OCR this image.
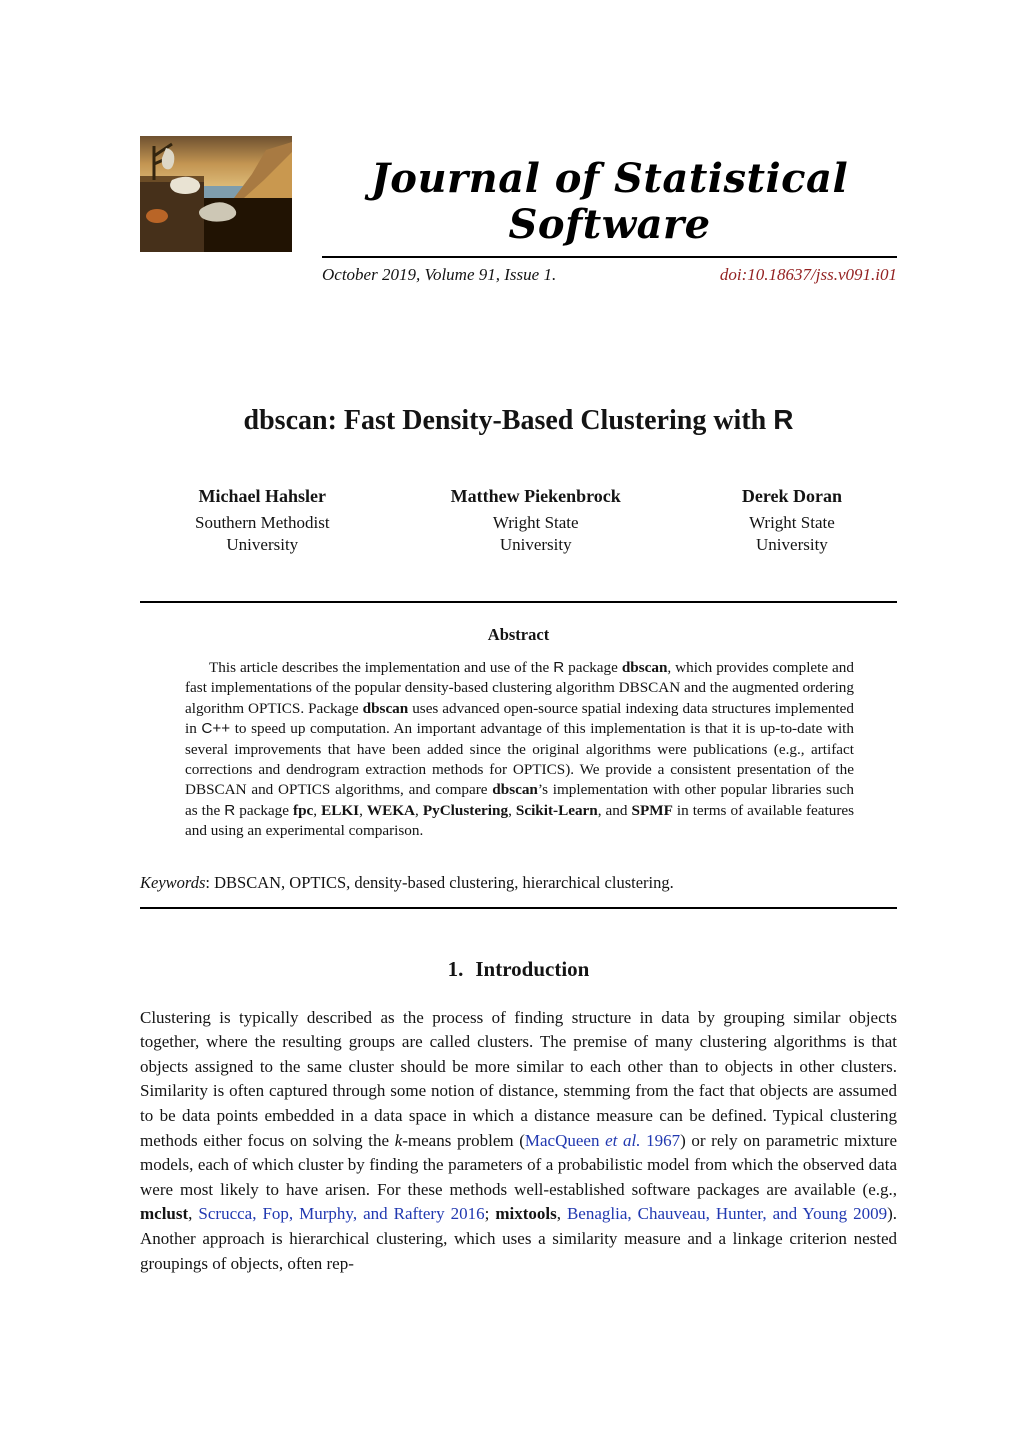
Journal of Statistical Software
October 2019, Volume 91, Issue 1.	doi:10.18637/jss.v091.i01
dbscan: Fast Density-Based Clustering with R
Michael Hahsler
Southern Methodist
University
Matthew Piekenbrock
Wright State
University
Derek Doran
Wright State
University
Abstract
This article describes the implementation and use of the R package dbscan, which provides complete and fast implementations of the popular density-based clustering algorithm DBSCAN and the augmented ordering algorithm OPTICS. Package dbscan uses advanced open-source spatial indexing data structures implemented in C++ to speed up computation. An important advantage of this implementation is that it is up-to-date with several improvements that have been added since the original algorithms were publications (e.g., artifact corrections and dendrogram extraction methods for OPTICS). We provide a consistent presentation of the DBSCAN and OPTICS algorithms, and compare dbscan’s implementation with other popular libraries such as the R package fpc, ELKI, WEKA, PyClustering, Scikit-Learn, and SPMF in terms of available features and using an experimental comparison.
Keywords: DBSCAN, OPTICS, density-based clustering, hierarchical clustering.
1. Introduction
Clustering is typically described as the process of finding structure in data by grouping similar objects together, where the resulting groups are called clusters. The premise of many clustering algorithms is that objects assigned to the same cluster should be more similar to each other than to objects in other clusters. Similarity is often captured through some notion of distance, stemming from the fact that objects are assumed to be data points embedded in a data space in which a distance measure can be defined. Typical clustering methods either focus on solving the k-means problem (MacQueen et al. 1967) or rely on parametric mixture models, each of which cluster by finding the parameters of a probabilistic model from which the observed data were most likely to have arisen. For these methods well-established software packages are available (e.g., mclust, Scrucca, Fop, Murphy, and Raftery 2016; mixtools, Benaglia, Chauveau, Hunter, and Young 2009). Another approach is hierarchical clustering, which uses a similarity measure and a linkage criterion nested groupings of objects, often rep-
